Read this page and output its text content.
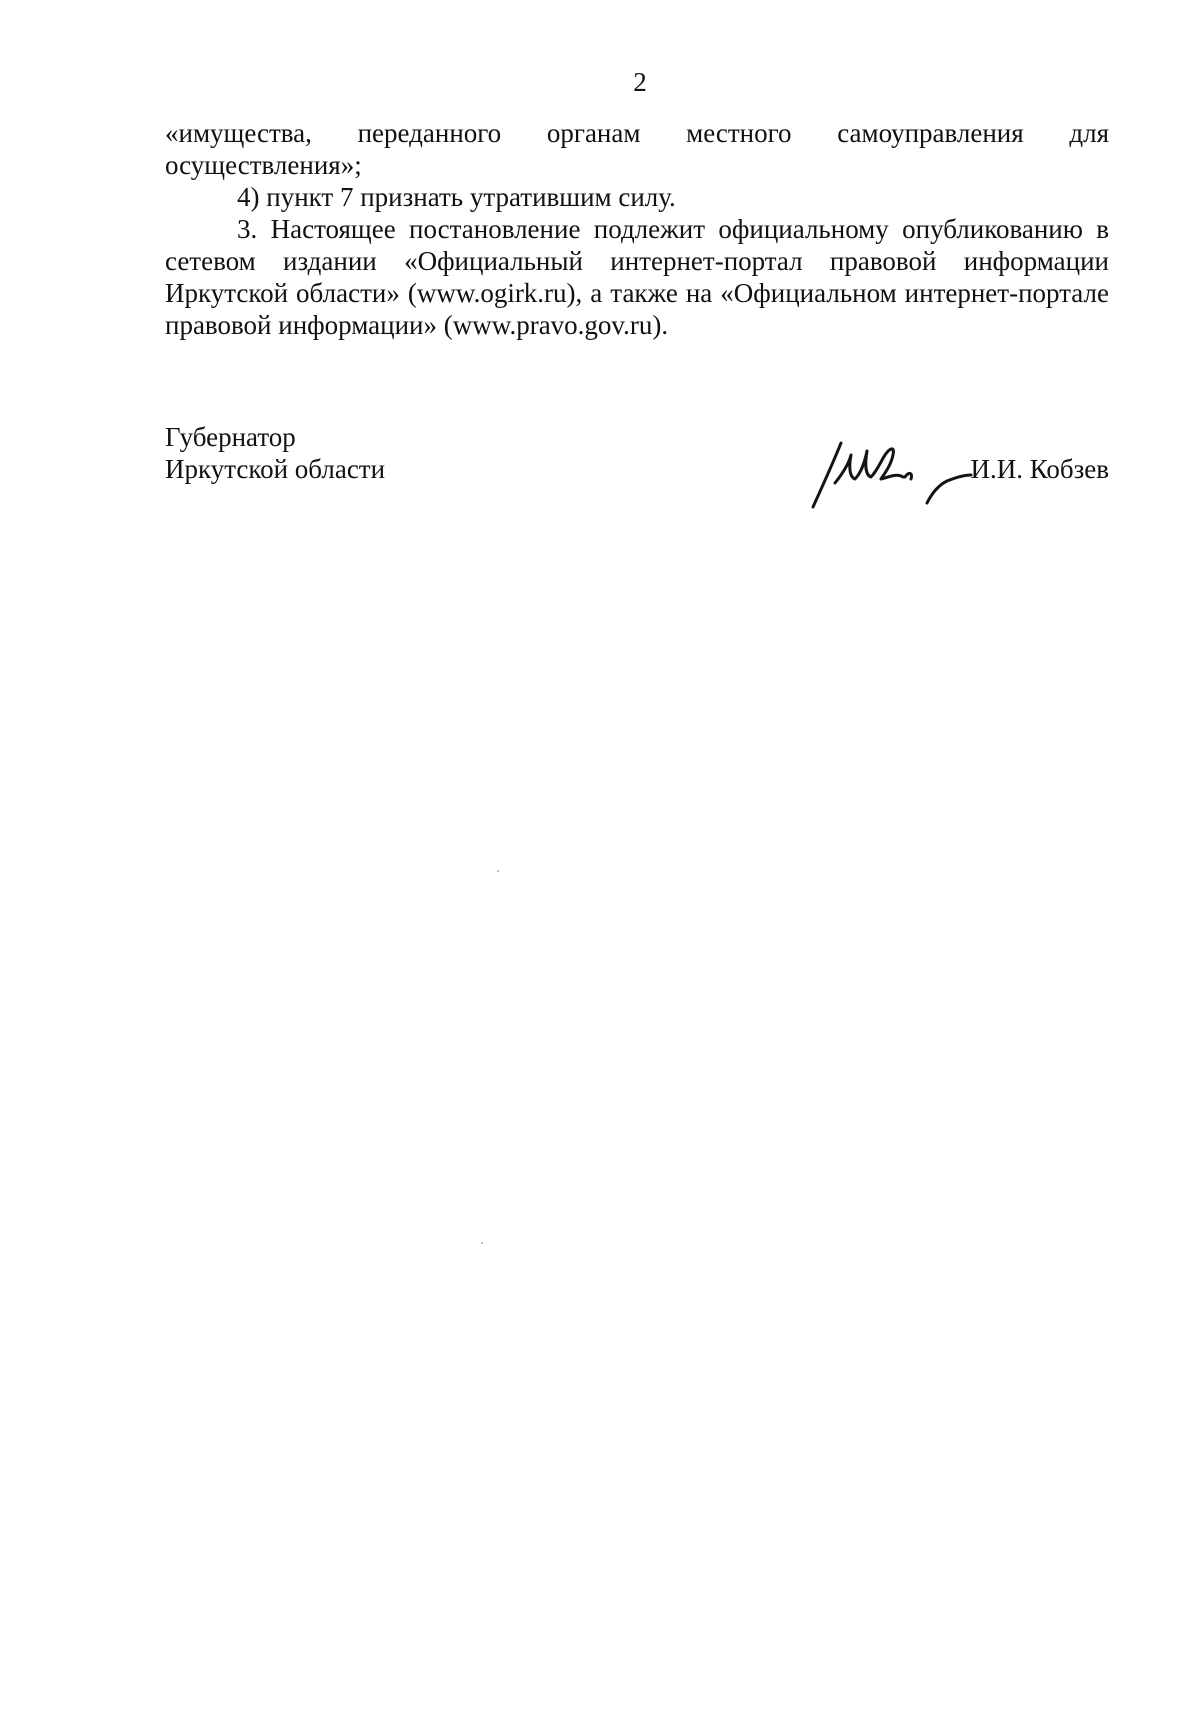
2

«имущества, переданного органам местного самоуправления для осуществления»;

4) пункт 7 признать утратившим силу.

3. Настоящее постановление подлежит официальному опубликованию в сетевом издании «Официальный интернет-портал правовой информации Иркутской области» (www.ogirk.ru), а также на «Официальном интернет-портале правовой информации» (www.pravo.gov.ru).

Губернатор
Иркутской области	И.И. Кобзев
